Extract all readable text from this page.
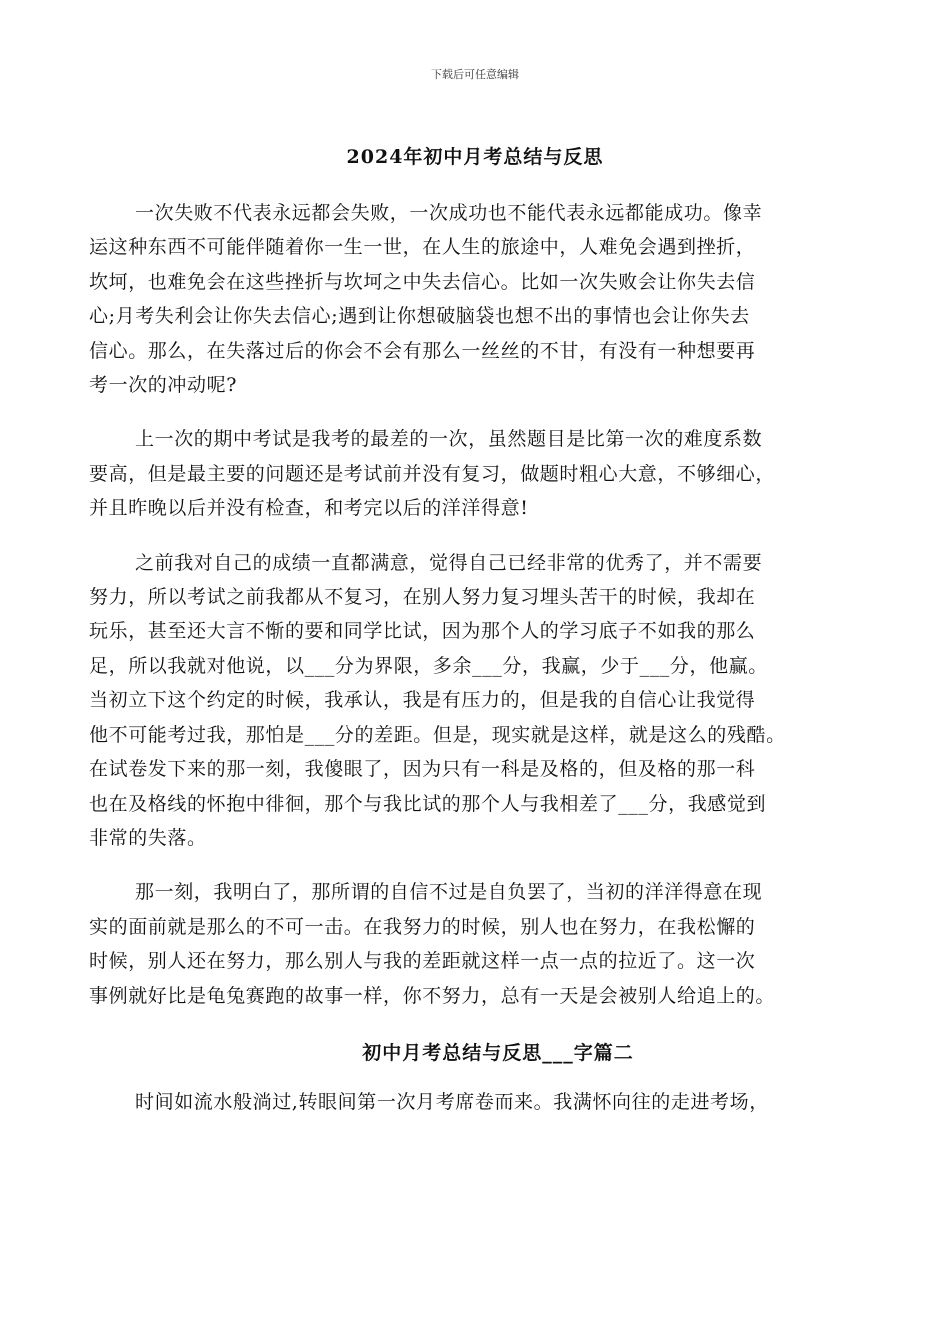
下载后可任意编辑
2024年初中月考总结与反思
一次失败不代表永远都会失败，一次成功也不能代表永远都能成功。像幸
运这种东西不可能伴随着你一生一世，在人生的旅途中，人难免会遇到挫折，
坎坷，也难免会在这些挫折与坎坷之中失去信心。比如一次失败会让你失去信
心;月考失利会让你失去信心;遇到让你想破脑袋也想不出的事情也会让你失去
信心。那么，在失落过后的你会不会有那么一丝丝的不甘，有没有一种想要再
考一次的冲动呢?
上一次的期中考试是我考的最差的一次，虽然题目是比第一次的难度系数
要高，但是最主要的问题还是考试前并没有复习，做题时粗心大意，不够细心，
并且昨晚以后并没有检查，和考完以后的洋洋得意!
之前我对自己的成绩一直都满意，觉得自己已经非常的优秀了，并不需要
努力，所以考试之前我都从不复习，在别人努力复习埋头苦干的时候，我却在
玩乐，甚至还大言不惭的要和同学比试，因为那个人的学习底子不如我的那么
足，所以我就对他说，以___分为界限，多余___分，我赢，少于___分，他赢。
当初立下这个约定的时候，我承认，我是有压力的，但是我的自信心让我觉得
他不可能考过我，那怕是___分的差距。但是，现实就是这样，就是这么的残酷。
在试卷发下来的那一刻，我傻眼了，因为只有一科是及格的，但及格的那一科
也在及格线的怀抱中徘徊，那个与我比试的那个人与我相差了___分，我感觉到
非常的失落。
那一刻，我明白了，那所谓的自信不过是自负罢了，当初的洋洋得意在现
实的面前就是那么的不可一击。在我努力的时候，别人也在努力，在我松懈的
时候，别人还在努力，那么别人与我的差距就这样一点一点的拉近了。这一次
事例就好比是龟兔赛跑的故事一样，你不努力，总有一天是会被别人给追上的。
初中月考总结与反思___字篇二
时间如流水般淌过,转眼间第一次月考席卷而来。我满怀向往的走进考场，
